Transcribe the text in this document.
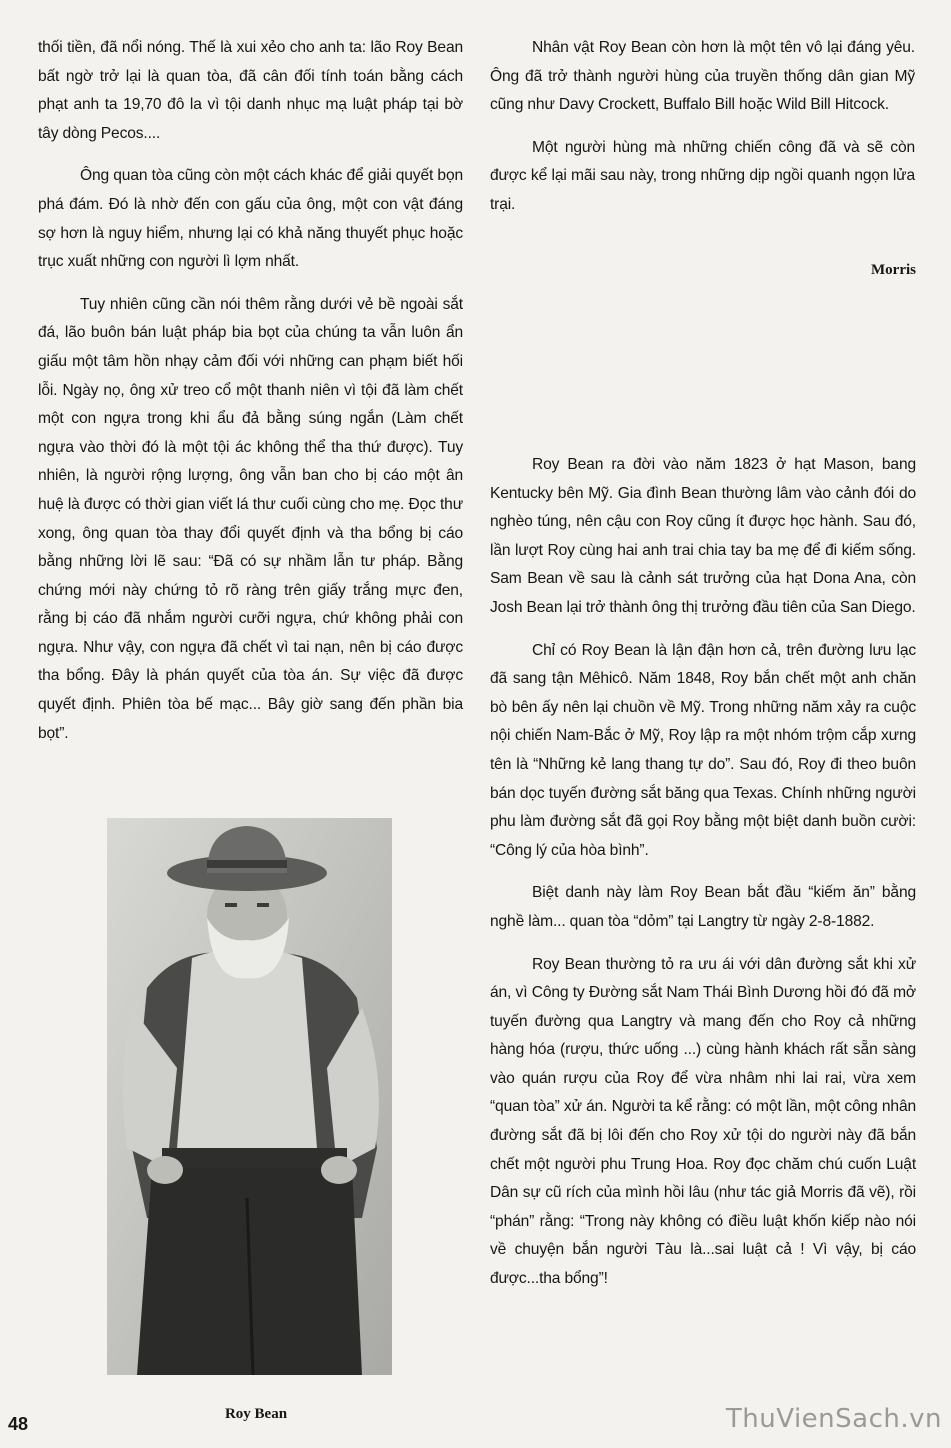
thối tiền, đã nổi nóng. Thế là xui xẻo cho anh ta: lão Roy Bean bất ngờ trở lại là quan tòa, đã cân đối tính toán bằng cách phạt anh ta 19,70 đô la vì tội danh nhục mạ luật pháp tại bờ tây dòng Pecos....

Ông quan tòa cũng còn một cách khác để giải quyết bọn phá đám. Đó là nhờ đến con gấu của ông, một con vật đáng sợ hơn là nguy hiểm, nhưng lại có khả năng thuyết phục hoặc trục xuất những con người lì lợm nhất.

Tuy nhiên cũng cần nói thêm rằng dưới vẻ bề ngoài sắt đá, lão buôn bán luật pháp bia bọt của chúng ta vẫn luôn ẩn giấu một tâm hồn nhạy cảm đối với những can phạm biết hối lỗi. Ngày nọ, ông xử treo cổ một thanh niên vì tội đã làm chết một con ngựa trong khi ẩu đả bằng súng ngắn (Làm chết ngựa vào thời đó là một tội ác không thể tha thứ được). Tuy nhiên, là người rộng lượng, ông vẫn ban cho bị cáo một ân huệ là được có thời gian viết lá thư cuối cùng cho mẹ. Đọc thư xong, ông quan tòa thay đổi quyết định và tha bổng bị cáo bằng những lời lẽ sau: “Đã có sự nhầm lẫn tư pháp. Bằng chứng mới này chứng tỏ rõ ràng trên giấy trắng mực đen, rằng bị cáo đã nhắm người cưỡi ngựa, chứ không phải con ngựa. Như vậy, con ngựa đã chết vì tai nạn, nên bị cáo được tha bổng. Đây là phán quyết của tòa án. Sự việc đã được quyết định. Phiên tòa bế mạc... Bây giờ sang đến phần bia bọt”.

Nhân vật Roy Bean còn hơn là một tên vô lại đáng yêu. Ông đã trở thành người hùng của truyền thống dân gian Mỹ cũng như Davy Crockett, Buffalo Bill hoặc Wild Bill Hitcock.

Một người hùng mà những chiến công đã và sẽ còn được kể lại mãi sau này, trong những dịp ngồi quanh ngọn lửa trại.

Morris

Roy Bean ra đời vào năm 1823 ở hạt Mason, bang Kentucky bên Mỹ. Gia đình Bean thường lâm vào cảnh đói do nghèo túng, nên cậu con Roy cũng ít được học hành. Sau đó, lần lượt Roy cùng hai anh trai chia tay ba mẹ để đi kiếm sống. Sam Bean về sau là cảnh sát trưởng của hạt Dona Ana, còn Josh Bean lại trở thành ông thị trưởng đầu tiên của San Diego.

Chỉ có Roy Bean là lận đận hơn cả, trên đường lưu lạc đã sang tận Mêhicô. Năm 1848, Roy bắn chết một anh chăn bò bên ấy nên lại chuồn về Mỹ. Trong những năm xảy ra cuộc nội chiến Nam-Bắc ở Mỹ, Roy lập ra một nhóm trộm cắp xưng tên là “Những kẻ lang thang tự do”. Sau đó, Roy đi theo buôn bán dọc tuyến đường sắt băng qua Texas. Chính những người phu làm đường sắt đã gọi Roy bằng một biệt danh buồn cười: “Công lý của hòa bình”.

Biệt danh này làm Roy Bean bắt đầu “kiếm ăn” bằng nghề làm... quan tòa “dỏm” tại Langtry từ ngày 2-8-1882.

Roy Bean thường tỏ ra ưu ái với dân đường sắt khi xử án, vì Công ty Đường sắt Nam Thái Bình Dương hồi đó đã mở tuyến đường qua Langtry và mang đến cho Roy cả những hàng hóa (rượu, thức uống ...) cùng hành khách rất sẵn sàng vào quán rượu của Roy để vừa nhâm nhi lai rai, vừa xem “quan tòa” xử án. Người ta kể rằng: có một lần, một công nhân đường sắt đã bị lôi đến cho Roy xử tội do người này đã bắn chết một người phu Trung Hoa. Roy đọc chăm chú cuốn Luật Dân sự cũ rích của mình hồi lâu (như tác giả Morris đã vẽ), rồi “phán” rằng: “Trong này không có điều luật khốn kiếp nào nói về chuyện bắn người Tàu là...sai luật cả ! Vì vậy, bị cáo được...tha bổng”!

Roy Bean
48	ThuVienSach.vn
